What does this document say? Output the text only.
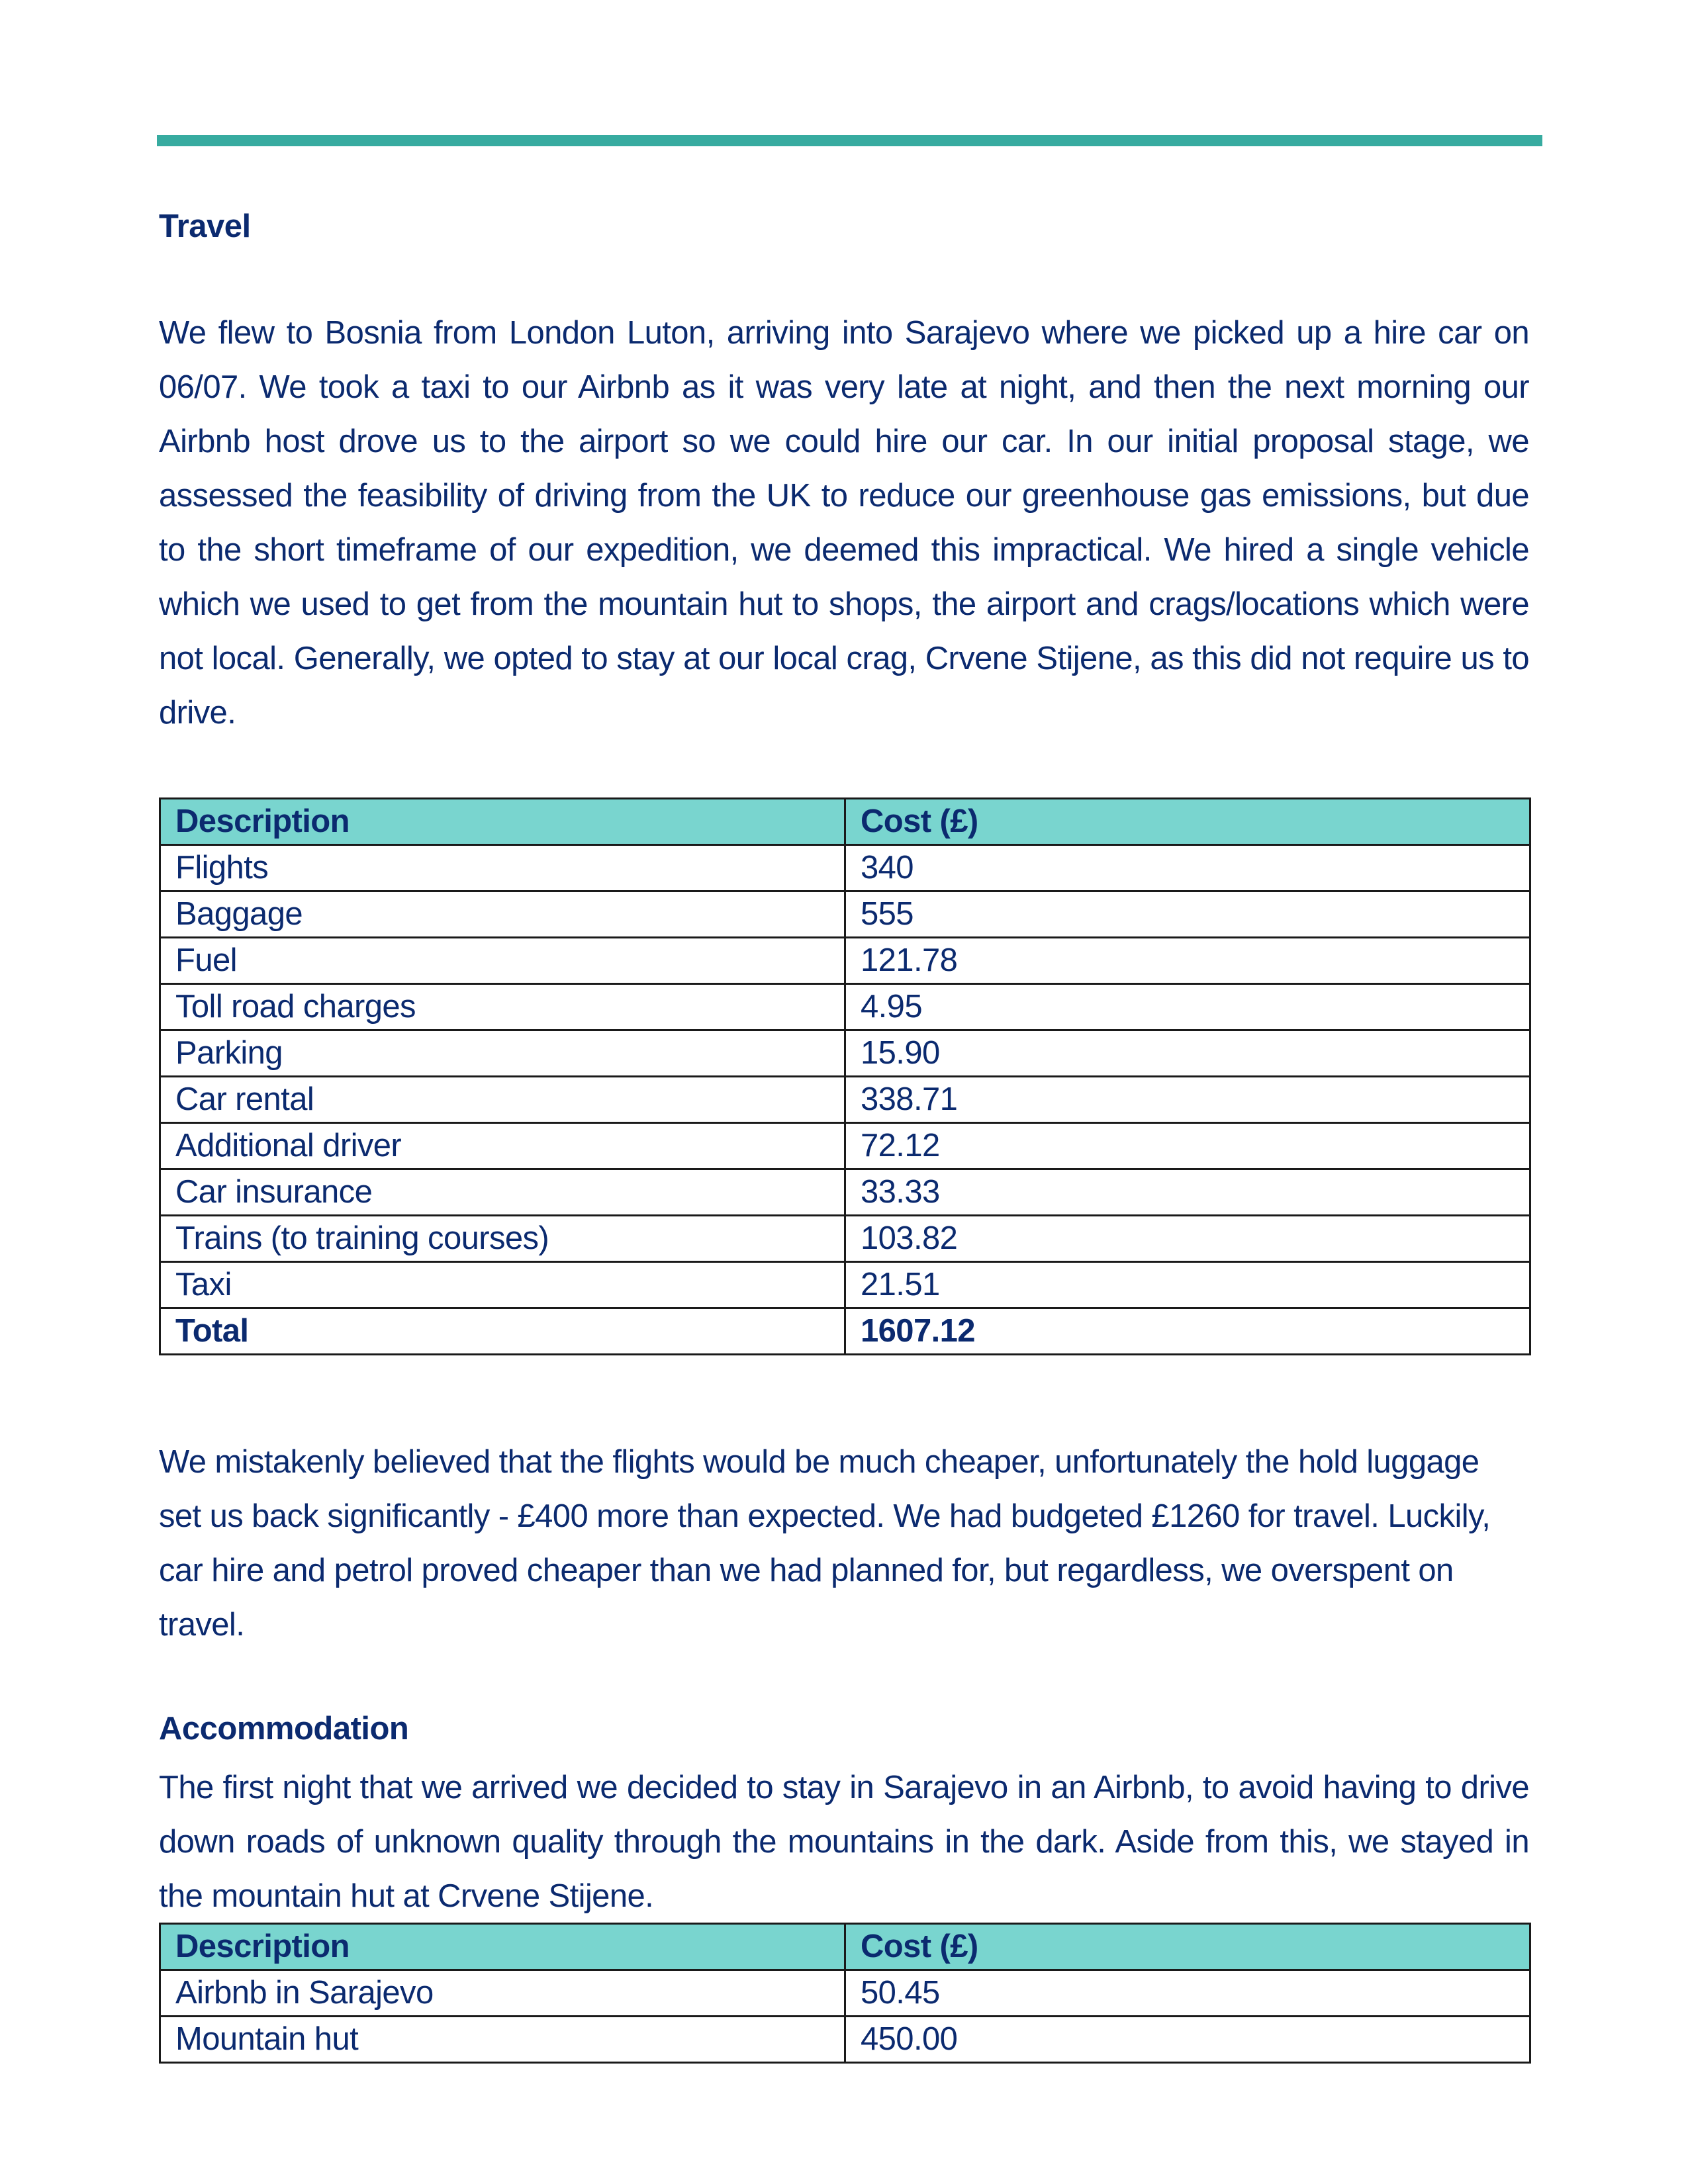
Travel

We flew to Bosnia from London Luton, arriving into Sarajevo where we picked up a hire car on 06/07. We took a taxi to our Airbnb as it was very late at night, and then the next morning our Airbnb host drove us to the airport so we could hire our car. In our initial proposal stage, we assessed the feasibility of driving from the UK to reduce our greenhouse gas emissions, but due to the short timeframe of our expedition, we deemed this impractical. We hired a single vehicle which we used to get from the mountain hut to shops, the airport and crags/locations which were not local. Generally, we opted to stay at our local crag, Crvene Stijene, as this did not require us to drive.

Description	Cost (£)
Flights	340
Baggage	555
Fuel	121.78
Toll road charges	4.95
Parking	15.90
Car rental	338.71
Additional driver	72.12
Car insurance	33.33
Trains (to training courses)	103.82
Taxi	21.51
Total	1607.12

We mistakenly believed that the flights would be much cheaper, unfortunately the hold luggage set us back significantly - £400 more than expected. We had budgeted £1260 for travel. Luckily, car hire and petrol proved cheaper than we had planned for, but regardless, we overspent on travel.

Accommodation

The first night that we arrived we decided to stay in Sarajevo in an Airbnb, to avoid having to drive down roads of unknown quality through the mountains in the dark. Aside from this, we stayed in the mountain hut at Crvene Stijene.

Description	Cost (£)
Airbnb in Sarajevo	50.45
Mountain hut	450.00
